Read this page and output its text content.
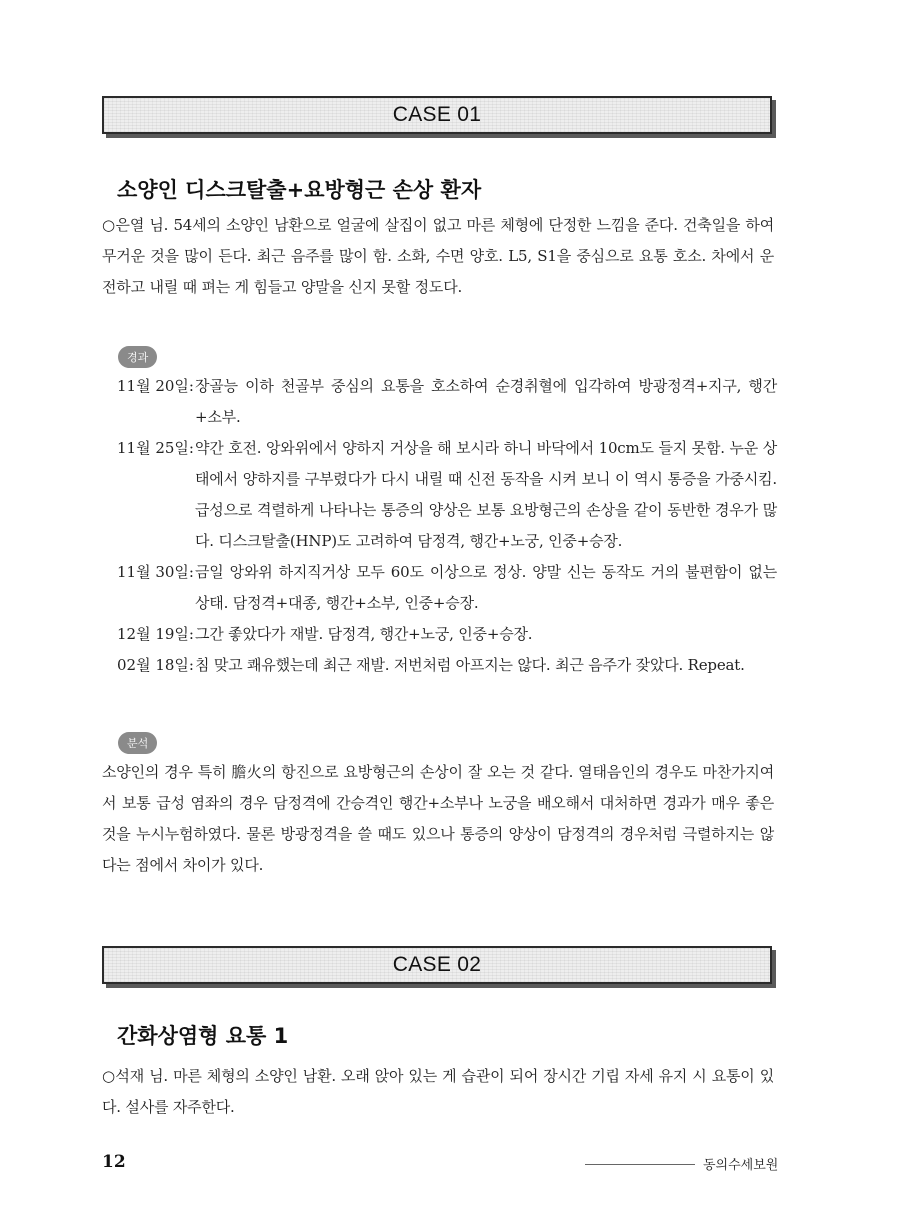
CASE 01
소양인 디스크탈출+요방형근 손상 환자

○은열 님. 54세의 소양인 남환으로 얼굴에 살집이 없고 마른 체형에 단정한 느낌을 준다. 건축일을 하여 무거운 것을 많이 든다. 최근 음주를 많이 함. 소화, 수면 양호. L5, S1을 중심으로 요통 호소. 차에서 운전하고 내릴 때 펴는 게 힘들고 양말을 신지 못할 정도다.

경과
11월 20일: 장골능 이하 천골부 중심의 요통을 호소하여 순경취혈에 입각하여 방광정격+지구, 행간+소부.
11월 25일: 약간 호전. 앙와위에서 양하지 거상을 해 보시라 하니 바닥에서 10cm도 들지 못함. 누운 상태에서 양하지를 구부렸다가 다시 내릴 때 신전 동작을 시켜 보니 이 역시 통증을 가중시킴. 급성으로 격렬하게 나타나는 통증의 양상은 보통 요방형근의 손상을 같이 동반한 경우가 많다. 디스크탈출(HNP)도 고려하여 담정격, 행간+노궁, 인중+승장.
11월 30일: 금일 앙와위 하지직거상 모두 60도 이상으로 정상. 양말 신는 동작도 거의 불편함이 없는 상태. 담정격+대종, 행간+소부, 인중+승장.
12월 19일: 그간 좋았다가 재발. 담정격, 행간+노궁, 인중+승장.
02월 18일: 침 맞고 쾌유했는데 최근 재발. 저번처럼 아프지는 않다. 최근 음주가 잦았다. Repeat.
분석

소양인의 경우 특히 膽火의 항진으로 요방형근의 손상이 잘 오는 것 같다. 열태음인의 경우도 마찬가지여서 보통 급성 염좌의 경우 담정격에 간승격인 행간+소부나 노궁을 배오해서 대처하면 경과가 매우 좋은 것을 누시누험하였다. 물론 방광정격을 쓸 때도 있으나 통증의 양상이 담정격의 경우처럼 극렬하지는 않다는 점에서 차이가 있다.

CASE 02
간화상염형 요통 1

○석재 님. 마른 체형의 소양인 남환. 오래 앉아 있는 게 습관이 되어 장시간 기립 자세 유지 시 요통이 있다. 설사를 자주한다.

12	동의수세보원
